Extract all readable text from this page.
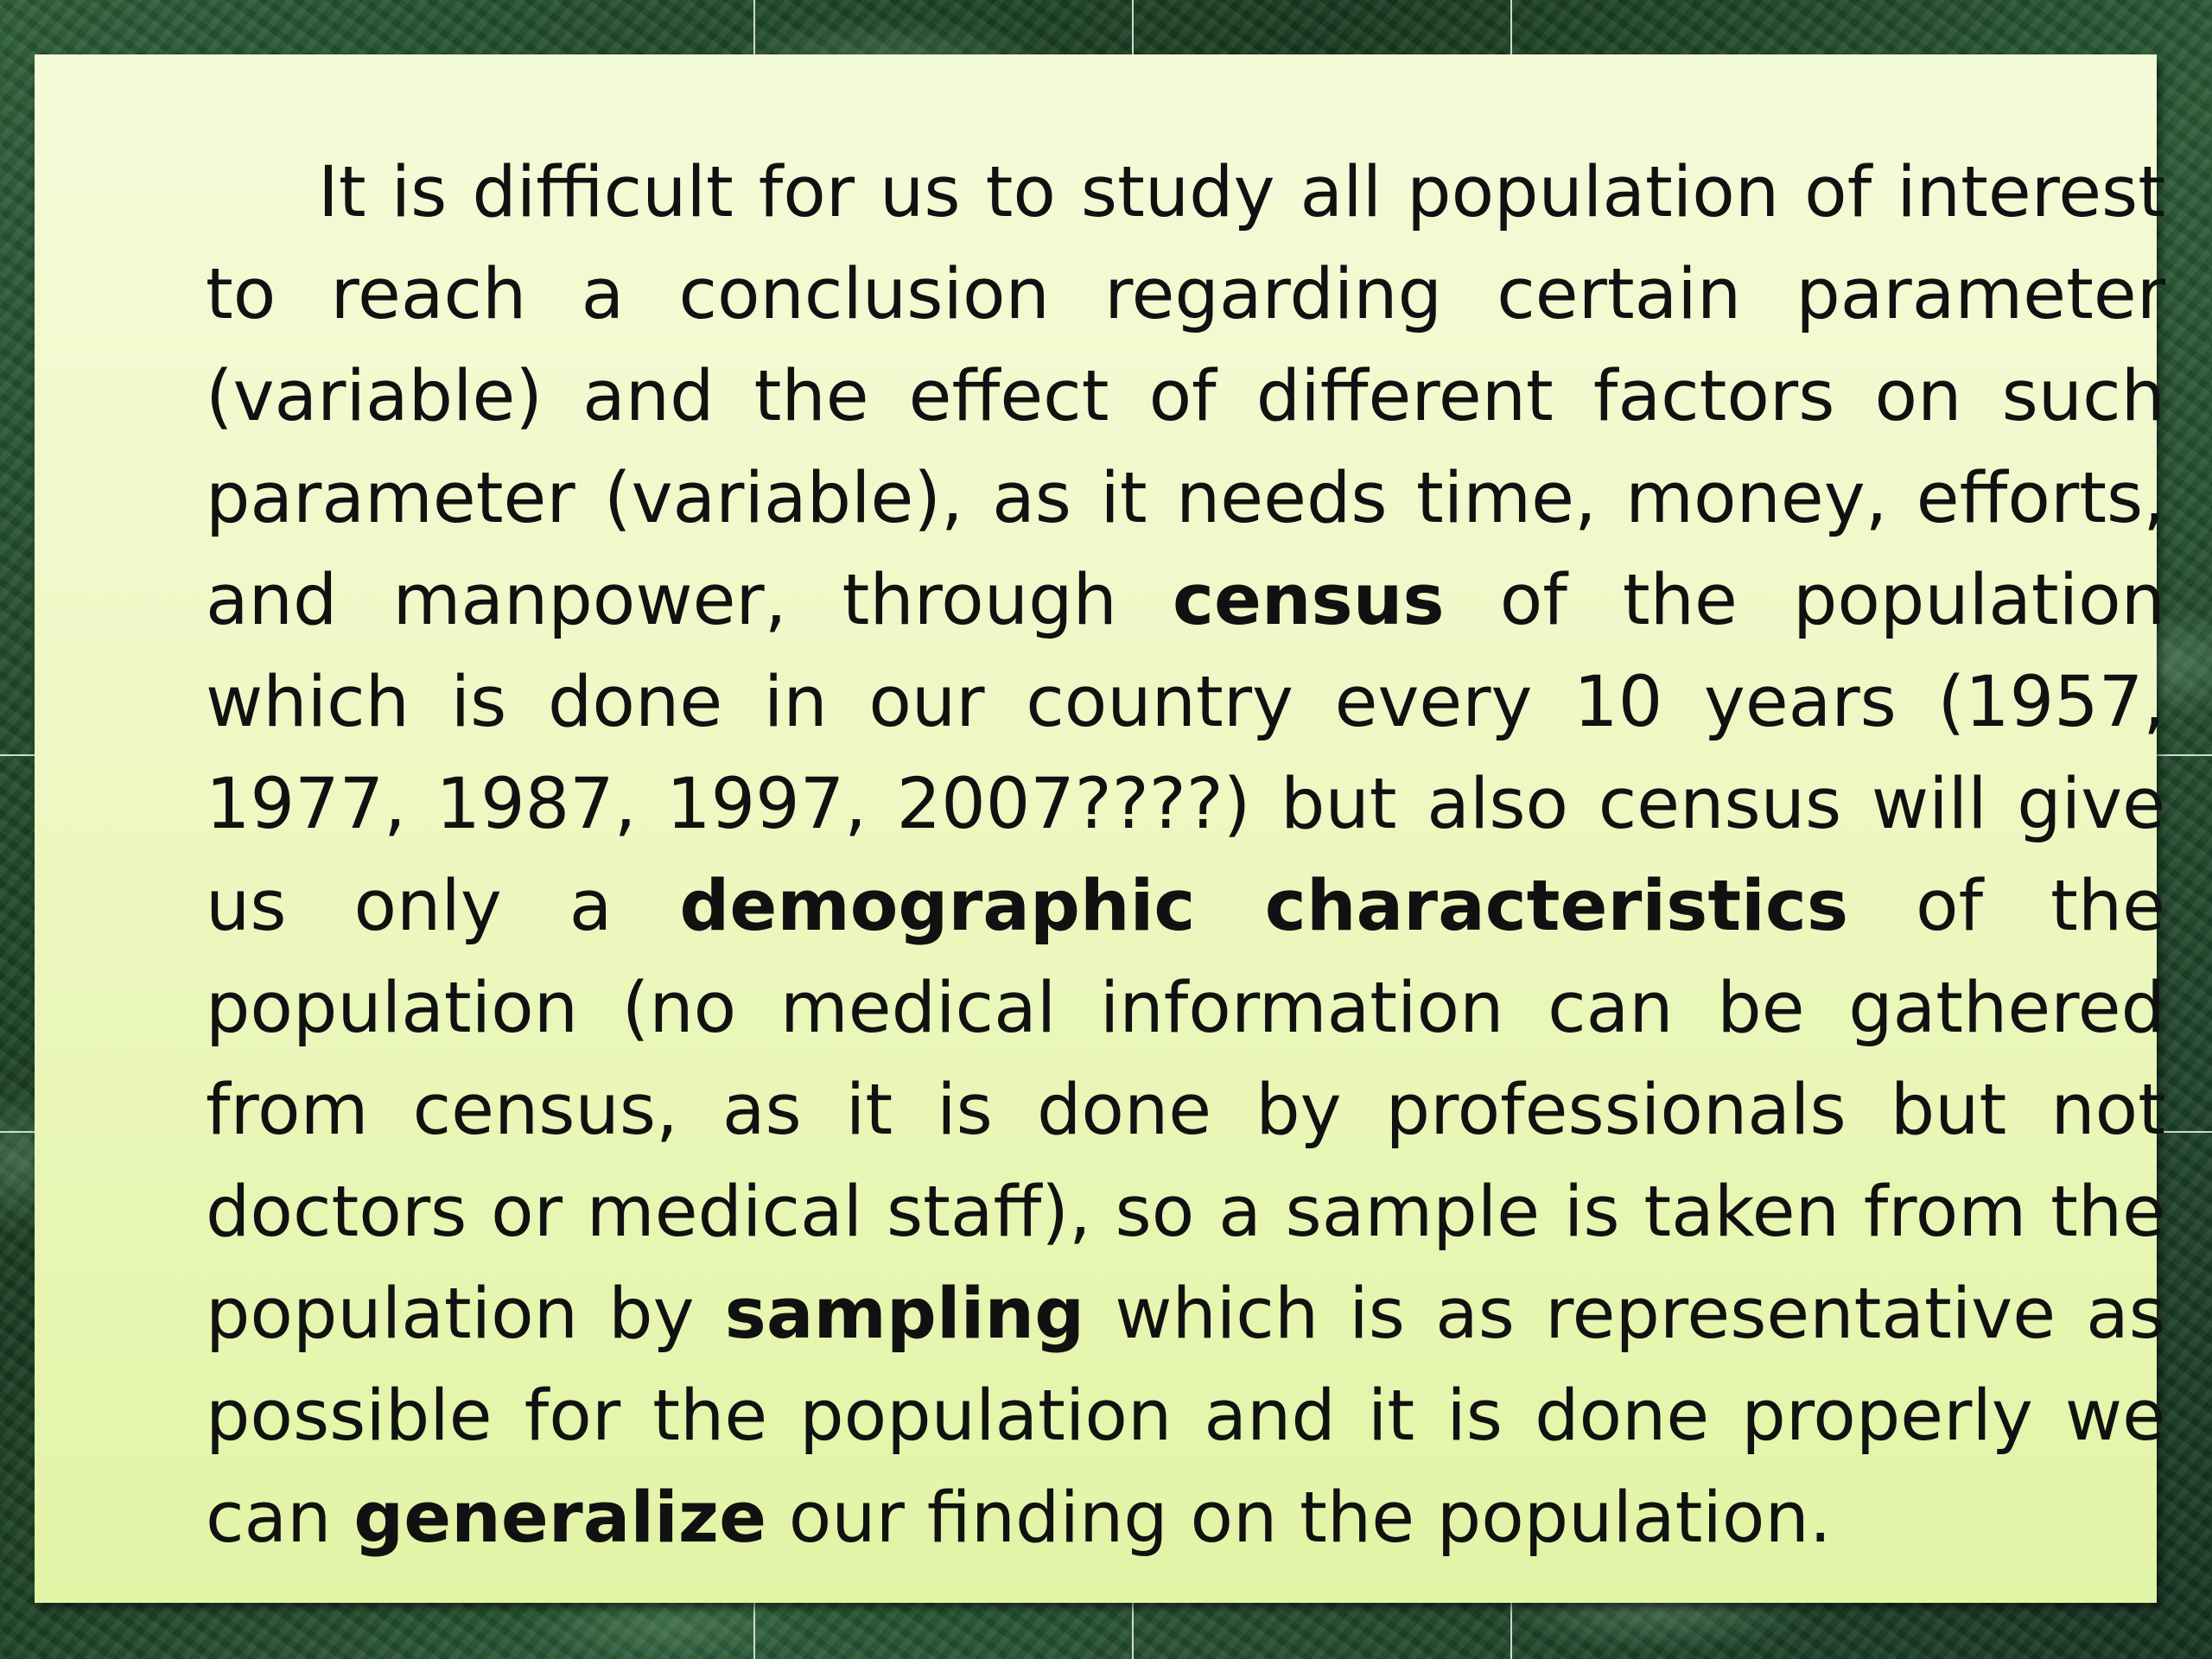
It is difficult for us to study all population of interest to reach a conclusion regarding certain parameter (variable) and the effect of different factors on such parameter (variable), as it needs time, money, efforts, and manpower, through census of the population which is done in our country every 10 years (1957, 1977, 1987, 1997, 2007????) but also census will give us only a demographic characteristics of the population (no medical information can be gathered from census, as it is done by professionals but not doctors or medical staff), so a sample is taken from the population by sampling which is as representative as possible for the population and it is done properly we can generalize our finding on the population.
